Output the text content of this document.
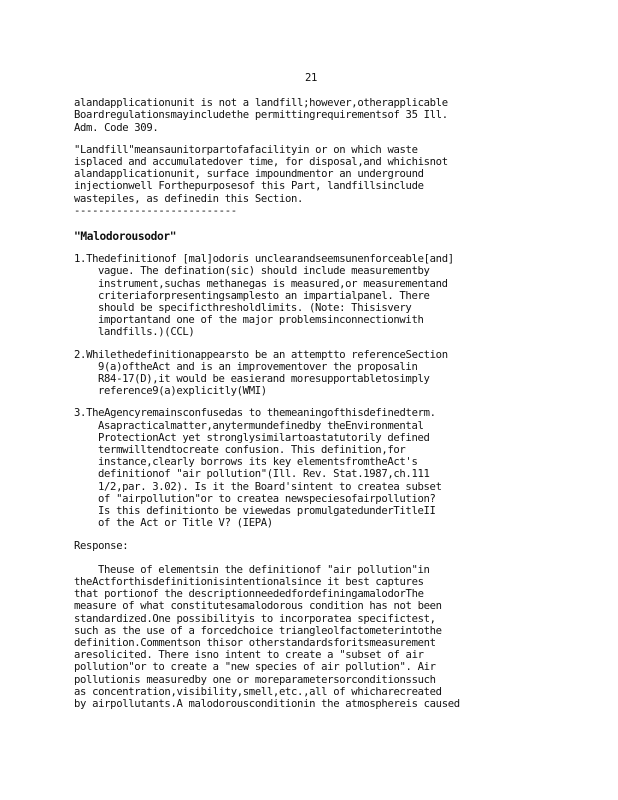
21

alandapplicationunit is not a landfill;however,otherapplicable
Boardregulationsmayincludethe permittingrequirementsof 35 Ill.
Adm. Code 309.

"Landfill"meansaunitorpartofafacilityin or on which waste
isplaced and accumulatedover time, for disposal,and whichisnot
alandapplicationunit, surface impoundmentor an underground
injectionwell Forthepurposesof this Part, landfillsinclude
wastepiles, as definedin this Section.

---------------------------

"Malodorousodor"
1.Thedefinitionof [mal]odoris unclearandseemsunenforceable[and]
vague. The defination(sic) should include measurementby
instrument,suchas methanegas is measured,or measurementand
criteriaforpresentingsamplesto an impartialpanel. There
should be specificthresholdlimits. (Note: Thisisvery
importantand one of the major problemsinconnectionwith
landfills.)(CCL)
2.Whilethedefinitionappearsto be an attemptto referenceSection
9(a)oftheAct and is an improvementover the proposalin
R84-17(D),it would be easierand moresupportabletosimply
reference9(a)explicitly(WMI)
3.TheAgencyremainsconfusedas to themeaningofthisdefinedterm.
Asapracticalmatter,anytermundefinedby theEnvironmental
ProtectionAct yet stronglysimilartoastatutorily defined
termwilltendtocreate confusion. This definition,for
instance,clearly borrows its key elementsfromtheAct's
definitionof "air pollution"(Ill. Rev. Stat.1987,ch.111
1/2,par. 3.02). Is it the Board'sintent to createa subset
of "airpollution"or to createa newspeciesofairpollution?
Is this definitionto be viewedas promulgatedunderTitleII
of the Act or Title V? (IEPA)

Response:

Theuse of elementsin the definitionof "air pollution"in
theActforthisdefinitionisintentionalsince it best captures
that portionof the descriptionneededfordefiningamalodorThe
measure of what constitutesamalodorous condition has not been
standardized.One possibilityis to incorporatea specifictest,
such as the use of a forcedchoice triangleolfactometerintothe
definition.Commentson thisor otherstandardsforitsmeasurement
aresolicited. There isno intent to create a "subset of air
pollution"or to create a "new species of air pollution". Air
pollutionis measuredby one or moreparametersorconditionssuch
as concentration,visibility,smell,etc.,all of whicharecreated
by airpollutants.A malodorousconditionin the atmosphereis caused
